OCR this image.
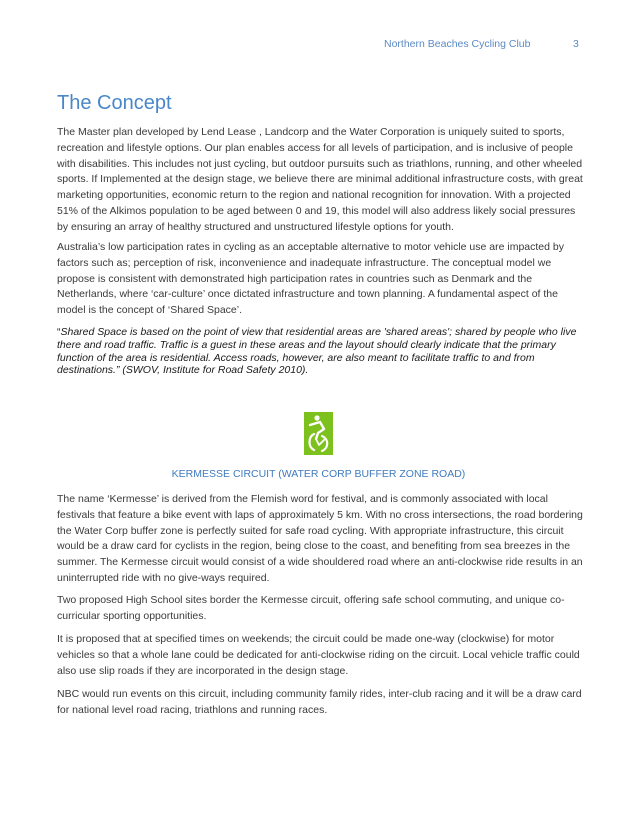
Northern Beaches Cycling Club	3
The Concept

The Master plan developed by Lend Lease , Landcorp and the Water Corporation is uniquely suited to sports, recreation and lifestyle options. Our plan enables access for all levels of participation, and is inclusive of people with disabilities. This includes not just cycling, but outdoor pursuits such as triathlons, running, and other wheeled sports. If Implemented at the design stage, we believe there are minimal additional infrastructure costs, with great marketing opportunities, economic return to the region and national recognition for innovation. With a projected 51% of the Alkimos population to be aged between 0 and 19, this model will also address likely social pressures by ensuring an array of healthy structured and unstructured lifestyle options for youth.

Australia’s low participation rates in cycling as an acceptable alternative to motor vehicle use are impacted by factors such as; perception of risk, inconvenience and inadequate infrastructure. The conceptual model we propose is consistent with demonstrated high participation rates in countries such as Denmark and the Netherlands, where ‘car-culture’ once dictated infrastructure and town planning. A fundamental aspect of the model is the concept of ‘Shared Space’.

“Shared Space is based on the point of view that residential areas are 'shared areas'; shared by people who live there and road traffic. Traffic is a guest in these areas and the layout should clearly indicate that the primary function of the area is residential. Access roads, however, are also meant to facilitate traffic to and from destinations.” (SWOV, Institute for Road Safety 2010).

KERMESSE CIRCUIT (WATER CORP BUFFER ZONE ROAD)

The name ‘Kermesse’ is derived from the Flemish word for festival, and is commonly associated with local festivals that feature a bike event with laps of approximately 5 km. With no cross intersections, the road bordering the Water Corp buffer zone is perfectly suited for safe road cycling. With appropriate infrastructure, this circuit would be a draw card for cyclists in the region, being close to the coast, and benefiting from sea breezes in the summer. The Kermesse circuit would consist of a wide shouldered road where an anti-clockwise ride results in an uninterrupted ride with no give-ways required.

Two proposed High School sites border the Kermesse circuit, offering safe school commuting, and unique co-curricular sporting opportunities.

It is proposed that at specified times on weekends; the circuit could be made one-way (clockwise) for motor vehicles so that a whole lane could be dedicated for anti-clockwise riding on the circuit. Local vehicle traffic could also use slip roads if they are incorporated in the design stage.

NBC would run events on this circuit, including community family rides, inter-club racing and it will be a draw card for national level road racing, triathlons and running races.
